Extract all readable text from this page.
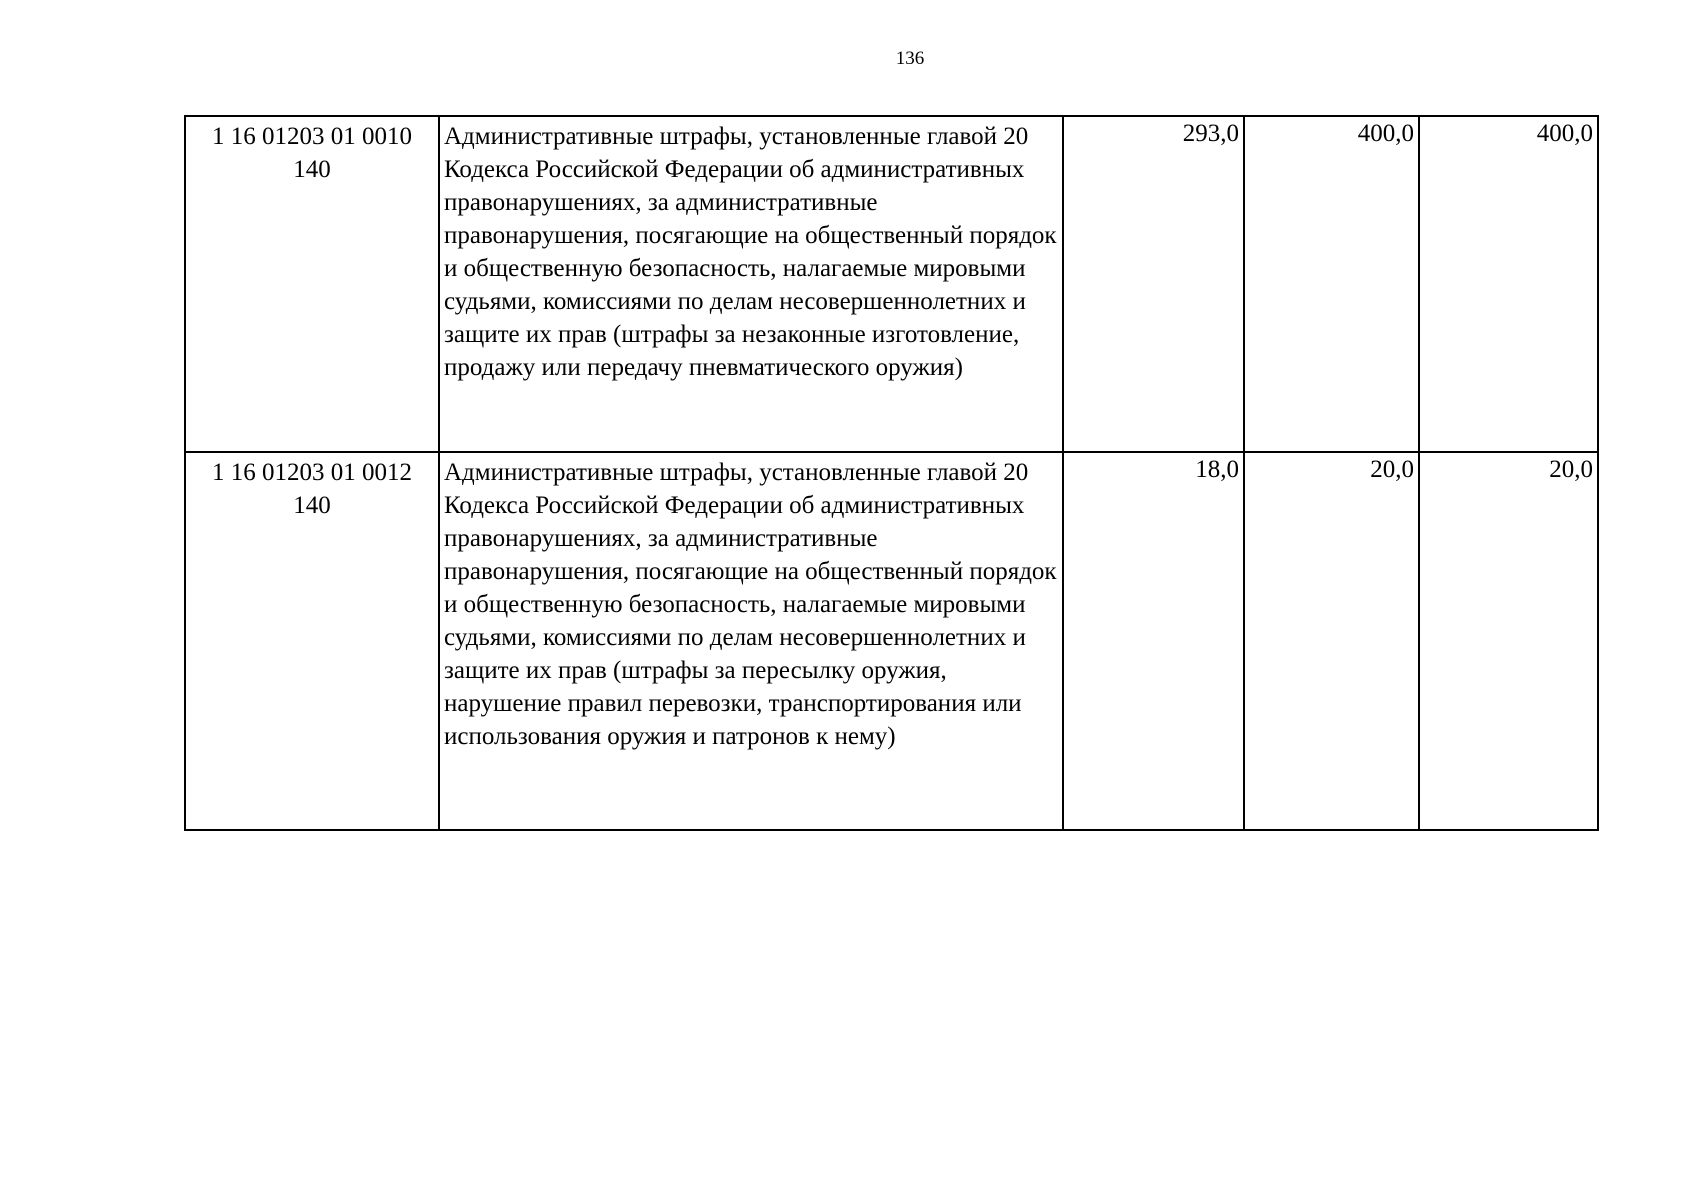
136
1 16 01203 01 0010
140	Административные штрафы, установленные главой 20 Кодекса Российской Федерации об административных правонарушениях, за административные правонарушения, посягающие на общественный порядок и общественную безопасность, налагаемые мировыми судьями, комиссиями по делам несовершеннолетних и защите их прав (штрафы за незаконные изготовление, продажу или передачу пневматического оружия)	293,0	400,0	400,0

1 16 01203 01 0012
140	Административные штрафы, установленные главой 20 Кодекса Российской Федерации об административных правонарушениях, за административные правонарушения, посягающие на общественный порядок и общественную безопасность, налагаемые мировыми судьями, комиссиями по делам несовершеннолетних и защите их прав (штрафы за пересылку оружия, нарушение правил перевозки, транспортирования или использования оружия и патронов к нему)	18,0	20,0	20,0
